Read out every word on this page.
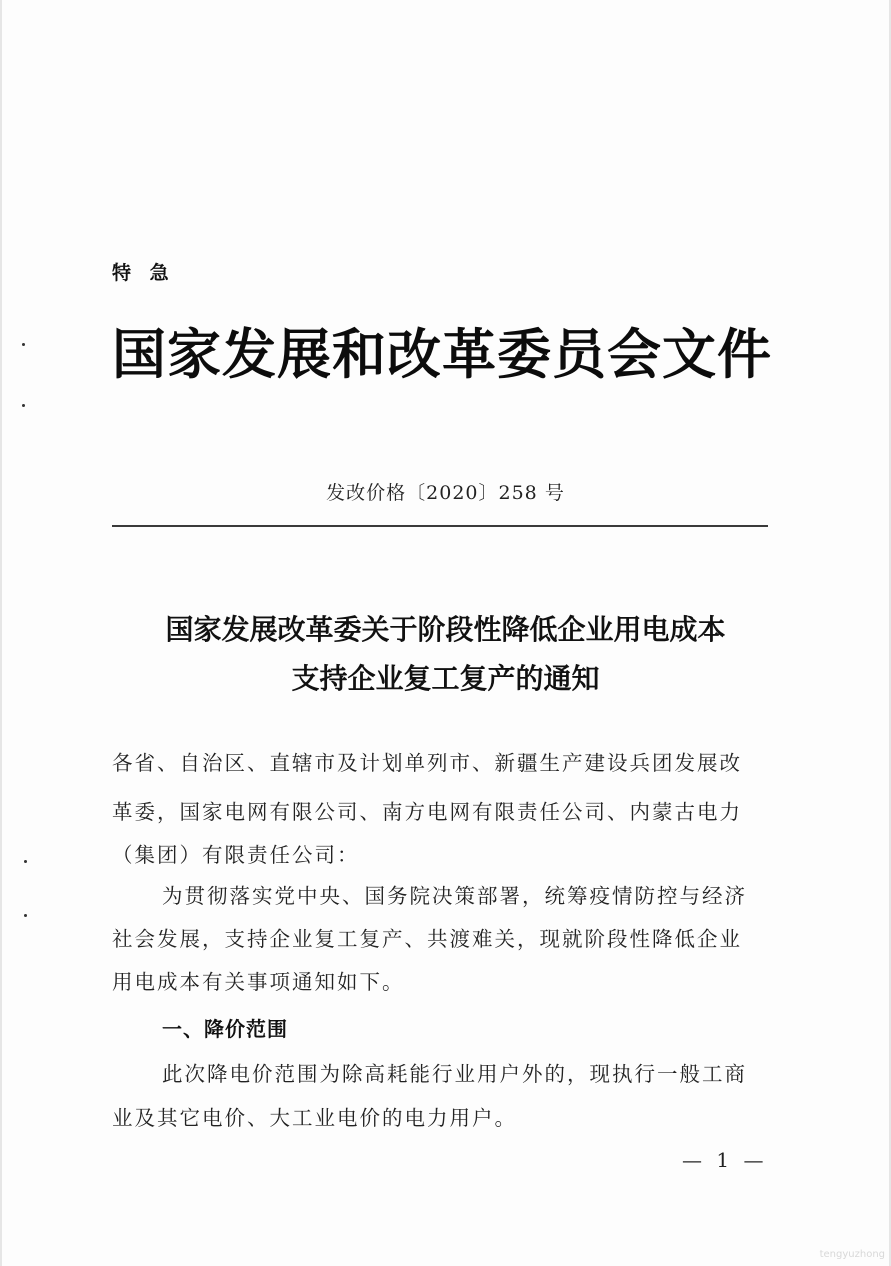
特 急
国家发展和改革委员会文件
发改价格〔2020〕258 号
国家发展改革委关于阶段性降低企业用电成本
支持企业复工复产的通知
各省、自治区、直辖市及计划单列市、新疆生产建设兵团发展改
革委，国家电网有限公司、南方电网有限责任公司、内蒙古电力
（集团）有限责任公司：
为贯彻落实党中央、国务院决策部署，统筹疫情防控与经济
社会发展，支持企业复工复产、共渡难关，现就阶段性降低企业
用电成本有关事项通知如下。
一、降价范围
此次降电价范围为除高耗能行业用户外的，现执行一般工商
业及其它电价、大工业电价的电力用户。
— 1 —
tengyuzhong
